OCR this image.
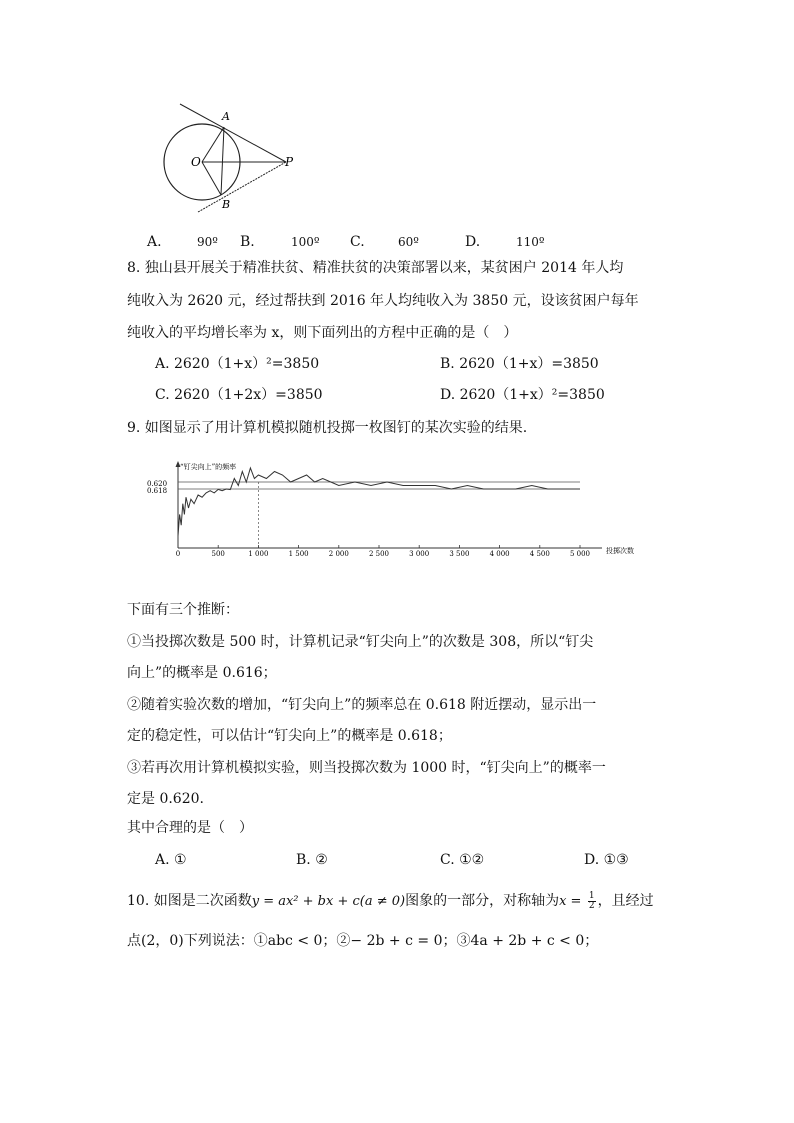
A
O	P
B
A.	90º B.	100º C.	60º	D.	110º
8. 独山县开展关于精准扶贫、精准扶贫的决策部署以来，某贫困户 2014 年人均
纯收入为 2620 元，经过帮扶到 2016 年人均纯收入为 3850 元，设该贫困户每年
纯收入的平均增长率为 x，则下面列出的方程中正确的是（　）
A. 2620（1+x）²=3850	B. 2620（1+x）=3850
C. 2620（1+2x）=3850	D. 2620（1+x）²=3850
9. 如图显示了用计算机模拟随机投掷一枚图钉的某次实验的结果.
“钉尖向上”的频率
投掷次数
0.620
0.618
0	500	1 000	1 500	2 000	2 500	3 000	3 500	4 000	4 500	5 000
下面有三个推断：
①当投掷次数是 500 时，计算机记录“钉尖向上”的次数是 308，所以“钉尖
向上”的概率是 0.616；
②随着实验次数的增加，“钉尖向上”的频率总在 0.618 附近摆动，显示出一
定的稳定性，可以估计“钉尖向上”的概率是 0.618；
③若再次用计算机模拟实验，则当投掷次数为 1000 时，“钉尖向上”的概率一
定是 0.620.
其中合理的是（　）
A. ①	B. ②	C. ①②	D. ①③
10. 如图是二次函数y = ax² + bx + c(a ≠ 0)图象的一部分，对称轴为$x = \frac{1}{2}$ ，且经过
点(2，0)下列说法：①abc < 0；②− 2b + c = 0；③4a + 2b + c < 0；
